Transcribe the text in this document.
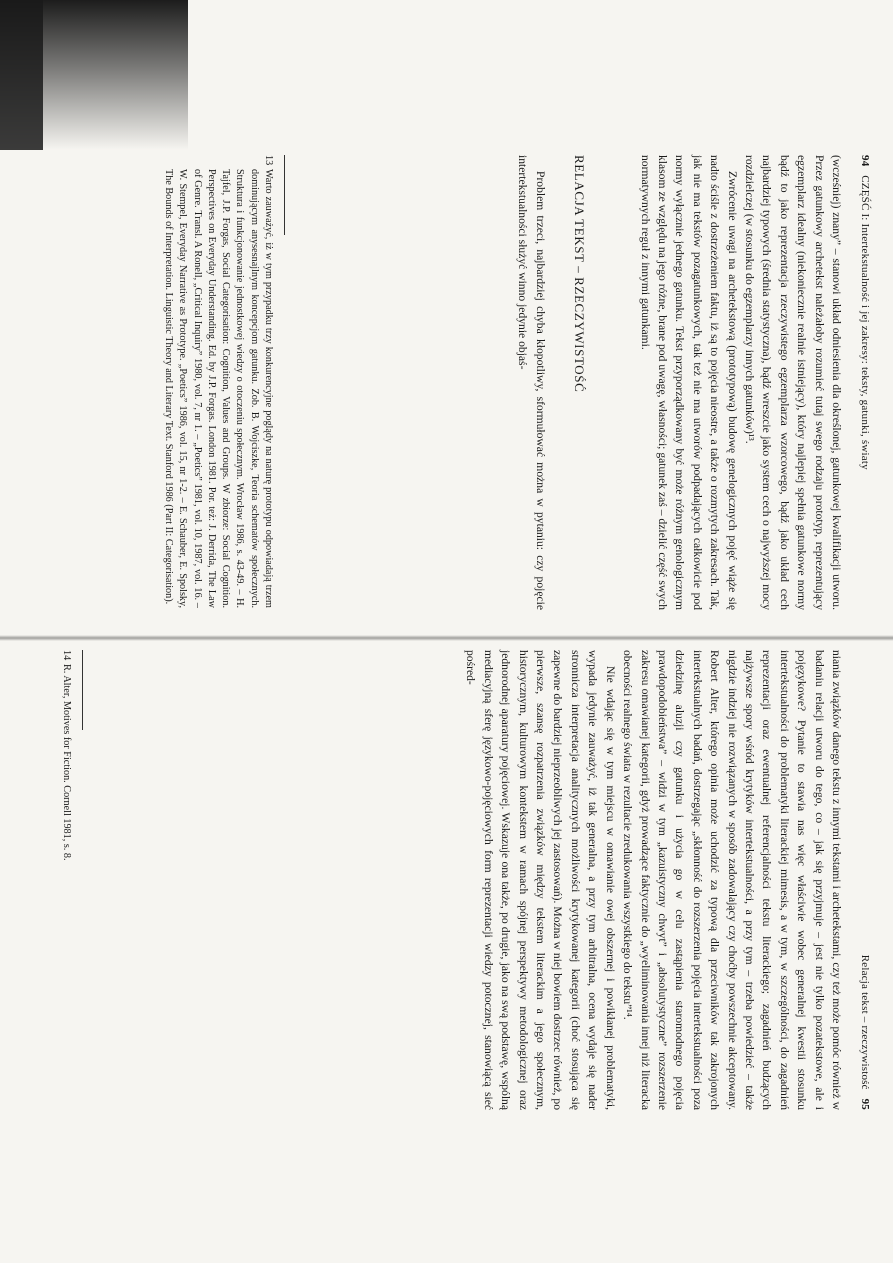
94   CZĘŚĆ I: Intertekstualność i jej zakresy: teksty, gatunki, światy

(wcześniej) znany” – stanowi układ odniesienia dla określonej, gatunkowej kwalifikacji utworu. Przez gatunkowy archetekst należałoby rozumieć tutaj swego rodzaju prototyp, reprezentujący egzemplarz idealny (niekoniecznie realnie istniejący), który najlepiej spełnia gatunkowe normy bądź to jako reprezentacja rzeczywistego egzemplarza wzorcowego, bądź jako układ cech najbardziej typowych (średnia statystyczna), bądź wreszcie jako system cech o najwyższej mocy rozdzielczej (w stosunku do egzemplarzy innych gatunków)¹³.

Zwrócenie uwagi na archetekstową (prototypową) budowę genelogicznych pojęć wiąże się nadto ściśle z dostrzeżeniem faktu, iż są to pojęcia nieostre, a także o rozmytych zakresach. Tak, jak nie ma tekstów pozagatunkowych, tak też nie ma utworów podpadających całkowicie pod normy wyłącznie jednego gatunku. Tekst przyporządkowany być może różnym genologicznym klasom ze względu na jego różne, brane pod uwagę, własności; gatunek zaś – dzielić część swych normatywnych reguł z innymi gatunkami.

RELACJA TEKST – RZECZYWISTOŚĆ

Problem trzeci, najbardziej chyba kłopotliwy, sformułować można w pytaniu: czy pojęcie intertekstualności służyć winno jedynie objaś-

13Warto zauważyć, iż w tym przypadku trzy konkurencyjne poglądy na naturę prototypu odpowiadają trzem dominującym anysesnajlnym koncepcjom gatunku. Zob. B. Wojciszke, Teoria schematów społecznych. Struktura i funkcjonowanie jednostkowej wiedzy o otoczeniu społecznym. Wrocław 1986, s. 43-49. – H. Tajfel, J.P. Forgas, Social Categorisation: Cognition, Values and Groups. W zbiorze: Social Cognition. Perspectives on Everyday Understanding. Ed. by J.P. Forgas. London 1981. Por. też: J. Derrida, The Law of Genre. Transl. A Ronell, „Critical Inquiry” 1980, vol. 7, nr 1. – „Poetics” 1981, vol. 10, 1987, vol. 16. – W. Stempel, Everyday Narrative as Prototype. „Poetics” 1986, vol. 15, nr 1-2. – E. Schauber, E. Spolsky, The Bounds of Interpretation. Linguistic Theory and Literary Text. Stanford 1986 (Part II: Categorisation).
Relacja tekst – rzeczywistość   95

niania związków danego tekstu z innymi tekstami i archetekstami, czy też może pomóc również w badaniu relacji utworu do tego, co – jak się przyjmuje – jest nie tylko pozatekstowe, ale i pojęzykowe? Pytanie to stawia nas więc właściwie wobec generalnej kwestii stosunku intertekstualności do problematyki literackiej mimesis, a w tym, w szczególności, do zagadnień reprezentacji oraz ewentualnej referencjalności tekstu literackiego; zagadnień budzących najżywsze spory wśród krytyków intertekstualności, a przy tym – trzeba powiedzieć – także nigdzie indziej nie rozwiązanych w sposób zadowalający czy choćby powszechnie akceptowany. Robert Alter, którego opinia może uchodzić za typową dla przeciwników tak zakrojonych intertekstualnych badań, dostrzegając „skłonność do rozszerzenia pojęcia intertekstualności poza dziedzinę aluzji czy gatunku i użycia go w celu zastąpienia staromodnego pojęcia prawdopodobieństwa” – widzi w tym „kazuistyczny chwyt” i „absolutystyczne” rozszerzenie zakresu omawianej kategorii, gdyż prowadzące faktycznie do „wyeliminowania innej niż literacka obecności realnego świata w rezultacie zredukowania wszystkiego do tekstu”¹⁴.

Nie wdając się w tym miejscu w omawianie owej obszernej i powikłanej problematyki, wypada jedynie zauważyć, iż tak generalna, a przy tym arbitralna, ocena wydaje się nader stronnicza interpretacja analitycznych możliwości krytykowanej kategorii (choć stosująca się zapewne do bardziej nieprzeobliwych jej zastosowań). Można w niej bowiem dostrzec również, po pierwsze, szansę rozpatrzenia związków między tekstem literackim a jego społecznym, historycznym, kulturowym kontekstem w ramach spójnej perspektywy metodologicznej oraz jednorodnej aparatury pojęciowej. Wskazuje ona także, po drugie, jako na swą podstawę, wspólną mediacyjną sferę językowo-pojęciowych form reprezentacji wiedzy potocznej, stanowiącą sieć pośred-

14R. Alter, Motives for Fiction. Cornell 1981, s. 8.
